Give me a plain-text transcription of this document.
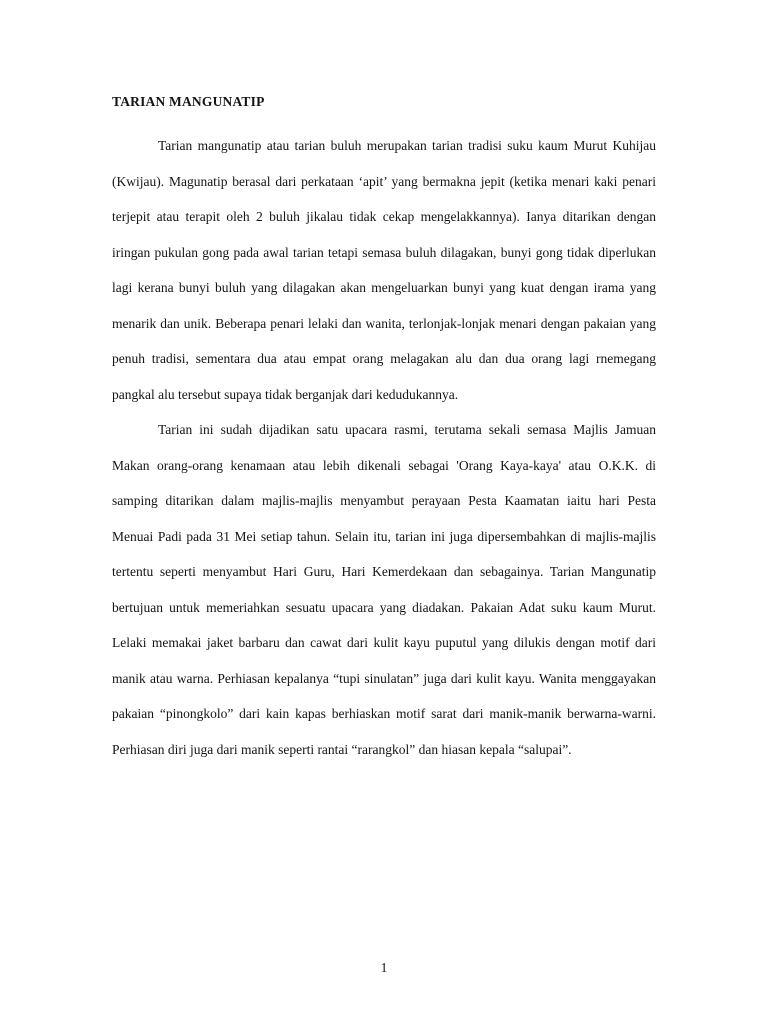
TARIAN MANGUNATIP

Tarian mangunatip atau tarian buluh merupakan tarian tradisi suku kaum Murut Kuhijau (Kwijau). Magunatip berasal dari perkataan ‘apit’ yang bermakna jepit (ketika menari kaki penari terjepit atau terapit oleh 2 buluh jikalau tidak cekap mengelakkannya). Ianya ditarikan dengan iringan pukulan gong pada awal tarian tetapi semasa buluh dilagakan, bunyi gong tidak diperlukan lagi kerana bunyi buluh yang dilagakan akan mengeluarkan bunyi yang kuat dengan irama yang menarik dan unik. Beberapa penari lelaki dan wanita, terlonjak-lonjak menari dengan pakaian yang penuh tradisi, sementara dua atau empat orang melagakan alu dan dua orang lagi rnemegang pangkal alu tersebut supaya tidak berganjak dari kedudukannya.

Tarian ini sudah dijadikan satu upacara rasmi, terutama sekali semasa Majlis Jamuan Makan orang-orang kenamaan atau lebih dikenali sebagai 'Orang Kaya-kaya' atau O.K.K. di samping ditarikan dalam majlis-majlis menyambut perayaan Pesta Kaamatan iaitu hari Pesta Menuai Padi pada 31 Mei setiap tahun. Selain itu, tarian ini juga dipersembahkan di majlis-majlis tertentu seperti menyambut Hari Guru, Hari Kemerdekaan dan sebagainya. Tarian Mangunatip bertujuan untuk memeriahkan sesuatu upacara yang diadakan. Pakaian Adat suku kaum Murut. Lelaki memakai jaket barbaru dan cawat dari kulit kayu puputul yang dilukis dengan motif dari manik atau warna. Perhiasan kepalanya “tupi sinulatan” juga dari kulit kayu. Wanita menggayakan pakaian “pinongkolo” dari kain kapas berhiaskan motif sarat dari manik-manik berwarna-warni. Perhiasan diri juga dari manik seperti rantai “rarangkol” dan hiasan kepala “salupai”.

1
